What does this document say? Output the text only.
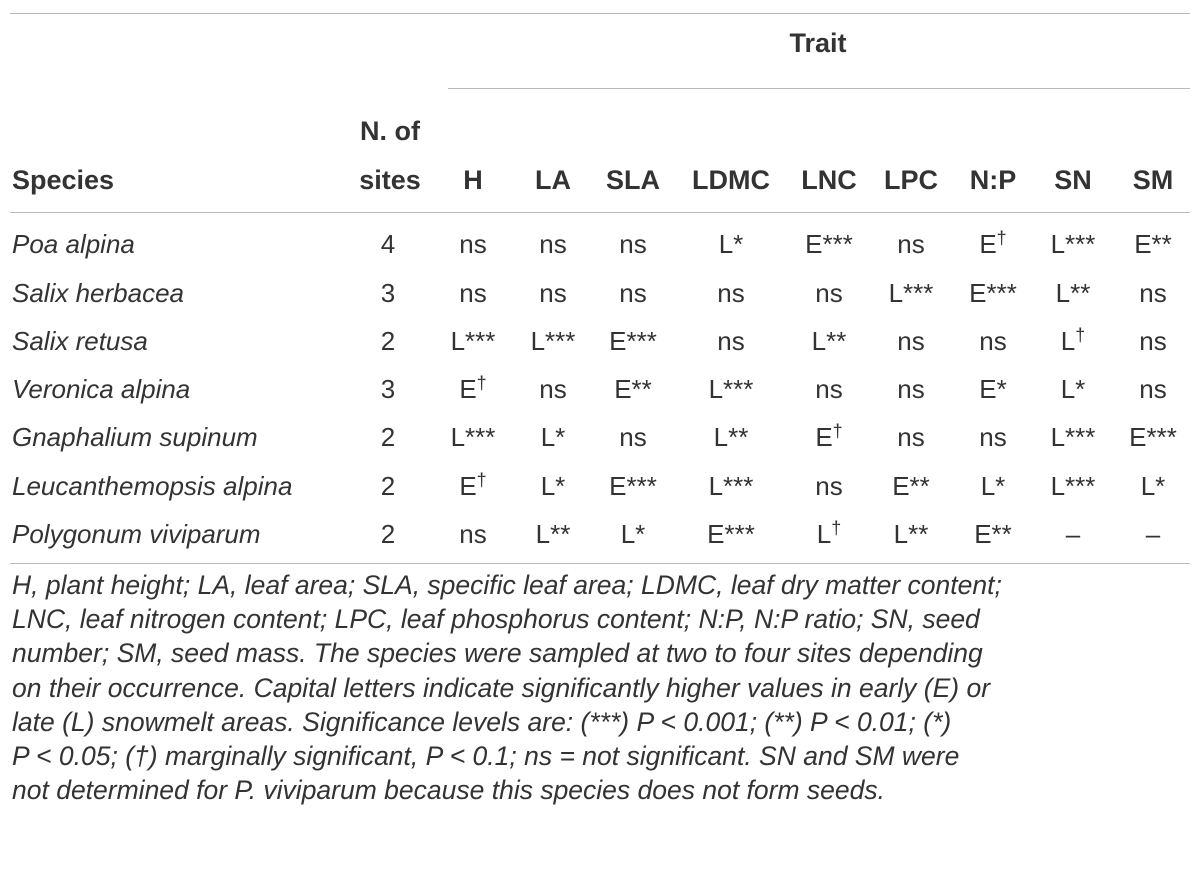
Trait
Species
N. of
sites	H	LA	SLA	LDMC	LNC	LPC	N:P	SN	SM
Poa alpina	4	ns	ns	ns	L*	E***	ns	E†	L***	E**
Salix herbacea	3	ns	ns	ns	ns	ns	L***	E***	L**	ns
Salix retusa	2	L***	L***	E***	ns	L**	ns	ns	L†	ns
Veronica alpina	3	E†	ns	E**	L***	ns	ns	E*	L*	ns
Gnaphalium supinum	2	L***	L*	ns	L**	E†	ns	ns	L***	E***
Leucanthemopsis alpina	2	E†	L*	E***	L***	ns	E**	L*	L***	L*
Polygonum viviparum	2	ns	L**	L*	E***	L†	L**	E**	–	–
H, plant height; LA, leaf area; SLA, specific leaf area; LDMC, leaf dry matter content;
LNC, leaf nitrogen content; LPC, leaf phosphorus content; N:P, N:P ratio; SN, seed
number; SM, seed mass. The species were sampled at two to four sites depending
on their occurrence. Capital letters indicate significantly higher values in early (E) or
late (L) snowmelt areas. Significance levels are: (***) P < 0.001; (**) P < 0.01; (*)
P < 0.05; (†) marginally significant, P < 0.1; ns = not significant. SN and SM were
not determined for P. viviparum because this species does not form seeds.
